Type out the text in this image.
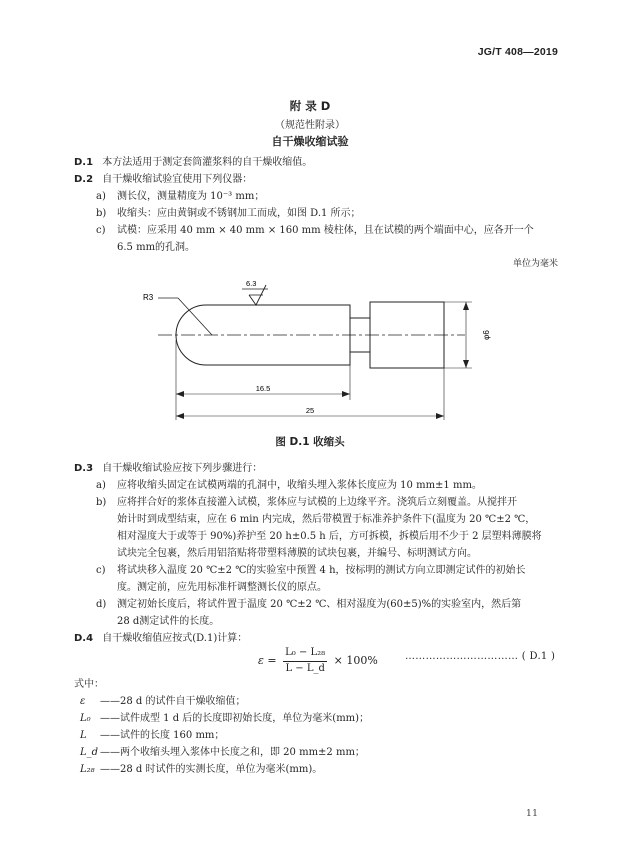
JG/T 408—2019
附 录 D
（规范性附录）
自干燥收缩试验
D.1 本方法适用于测定套筒灌浆料的自干燥收缩值。
D.2 自干燥收缩试验宜使用下列仪器：
a) 测长仪，测量精度为 10⁻³ mm；
b) 收缩头：应由黄铜或不锈钢加工而成，如图 D.1 所示；
c) 试模：应采用 40 mm × 40 mm × 160 mm 棱柱体，且在试模的两个端面中心，应各开一个
6.5 mm的孔洞。
单位为毫米
R3
6.3
φ6
16.5
25
图 D.1 收缩头
D.3 自干燥收缩试验应按下列步骤进行：
a) 应将收缩头固定在试模两端的孔洞中，收缩头埋入浆体长度应为 10 mm±1 mm。
b) 应将拌合好的浆体直接灌入试模，浆体应与试模的上边缘平齐。浇筑后立刻覆盖。从搅拌开
始计时到成型结束，应在 6 min 内完成，然后带模置于标准养护条件下(温度为 20 ℃±2 ℃，
相对湿度大于或等于 90%)养护至 20 h±0.5 h 后，方可拆模，拆模后用不少于 2 层塑料薄膜将
试块完全包裹，然后用铝箔贴将带塑料薄膜的试块包裹，并编号、标明测试方向。
c) 将试块移入温度 20 ℃±2 ℃的实验室中预置 4 h，按标明的测试方向立即测定试件的初始长
度。测定前，应先用标准杆调整测长仪的原点。
d) 测定初始长度后，将试件置于温度 20 ℃±2 ℃、相对湿度为(60±5)%的实验室内，然后第
28 d测定试件的长度。
D.4 自干燥收缩值应按式(D.1)计算：
$\varepsilon = \frac{\text{L₀ − L₂₈}}{L - L\_d} \times 100\%$	…………………………… ( D.1 )
式中：
ε ——28 d 的试件自干燥收缩值；
L₀ ——试件成型 1 d 后的长度即初始长度，单位为毫米(mm)；
L ——试件的长度 160 mm；
L_d ——两个收缩头埋入浆体中长度之和，即 20 mm±2 mm；
L₂₈ ——28 d 时试件的实测长度，单位为毫米(mm)。
11
